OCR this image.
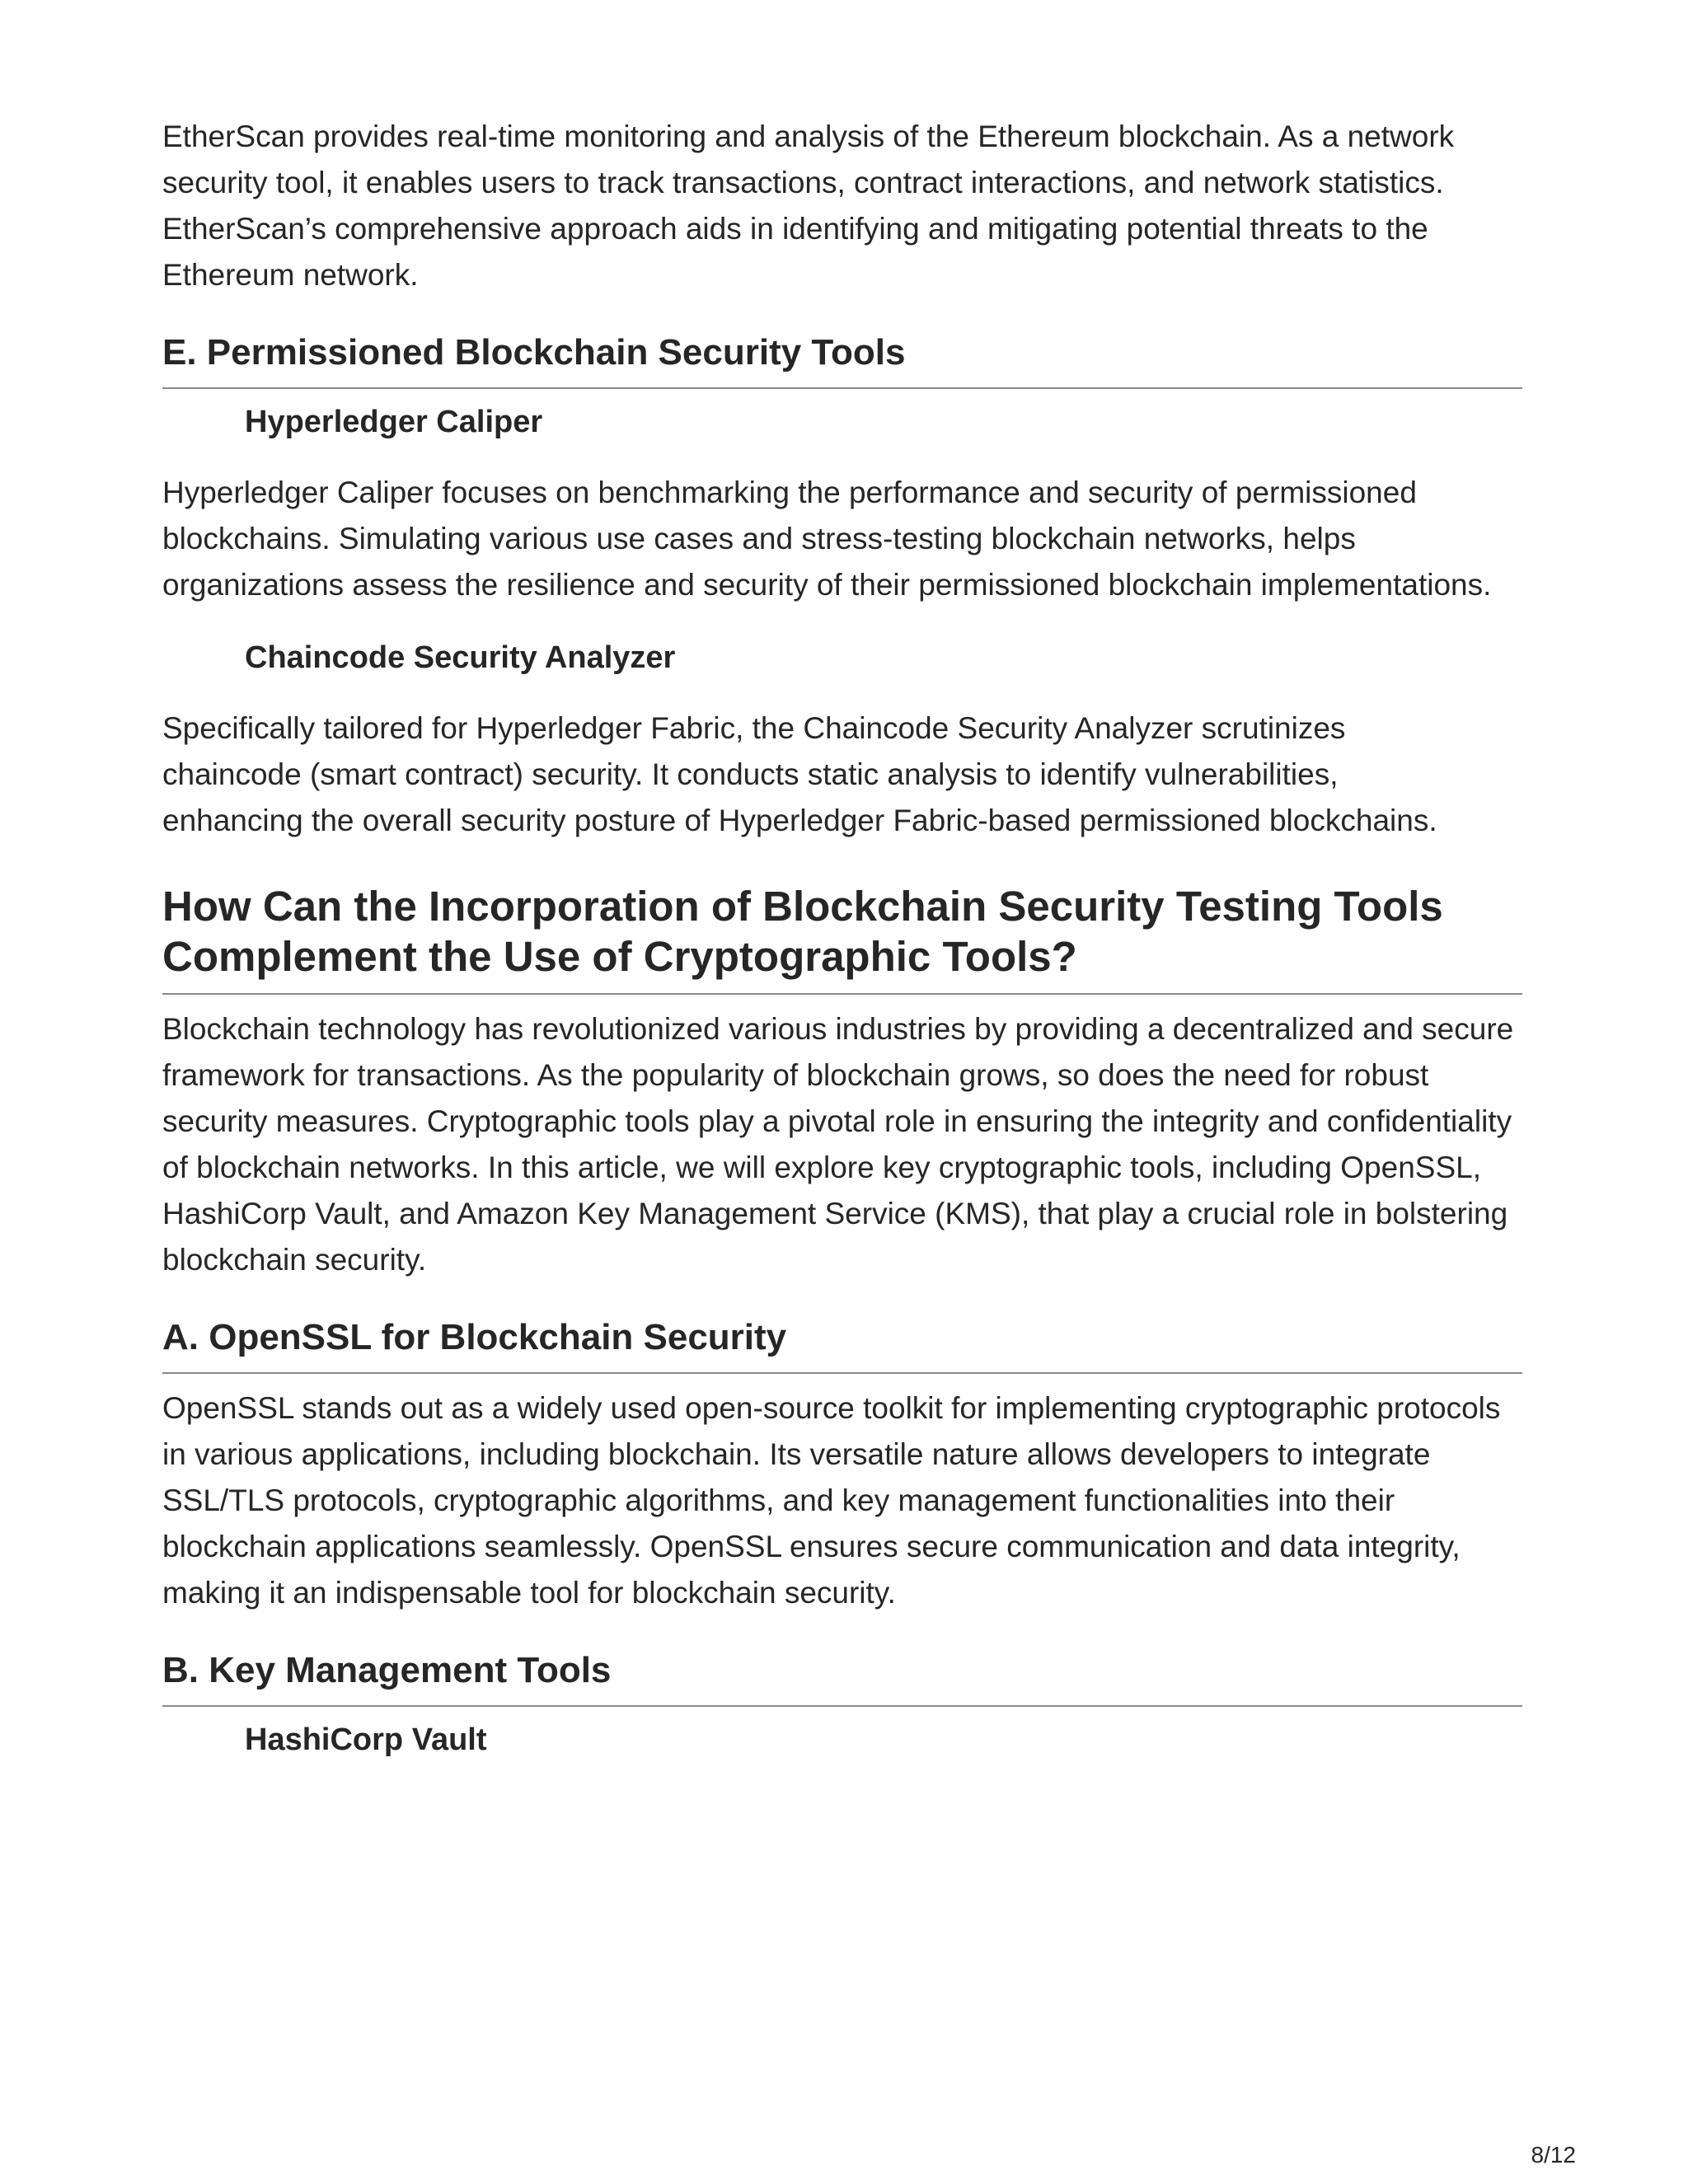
EtherScan provides real-time monitoring and analysis of the Ethereum blockchain. As a network security tool, it enables users to track transactions, contract interactions, and network statistics. EtherScan’s comprehensive approach aids in identifying and mitigating potential threats to the Ethereum network.

E. Permissioned Blockchain Security Tools
Hyperledger Caliper

Hyperledger Caliper focuses on benchmarking the performance and security of permissioned blockchains. Simulating various use cases and stress-testing blockchain networks, helps organizations assess the resilience and security of their permissioned blockchain implementations.

Chaincode Security Analyzer

Specifically tailored for Hyperledger Fabric, the Chaincode Security Analyzer scrutinizes chaincode (smart contract) security. It conducts static analysis to identify vulnerabilities, enhancing the overall security posture of Hyperledger Fabric-based permissioned blockchains.

How Can the Incorporation of Blockchain Security Testing Tools Complement the Use of Cryptographic Tools?

Blockchain technology has revolutionized various industries by providing a decentralized and secure framework for transactions. As the popularity of blockchain grows, so does the need for robust security measures. Cryptographic tools play a pivotal role in ensuring the integrity and confidentiality of blockchain networks. In this article, we will explore key cryptographic tools, including OpenSSL, HashiCorp Vault, and Amazon Key Management Service (KMS), that play a crucial role in bolstering blockchain security.

A. OpenSSL for Blockchain Security

OpenSSL stands out as a widely used open-source toolkit for implementing cryptographic protocols in various applications, including blockchain. Its versatile nature allows developers to integrate SSL/TLS protocols, cryptographic algorithms, and key management functionalities into their blockchain applications seamlessly. OpenSSL ensures secure communication and data integrity, making it an indispensable tool for blockchain security.

B. Key Management Tools
HashiCorp Vault
8/12
